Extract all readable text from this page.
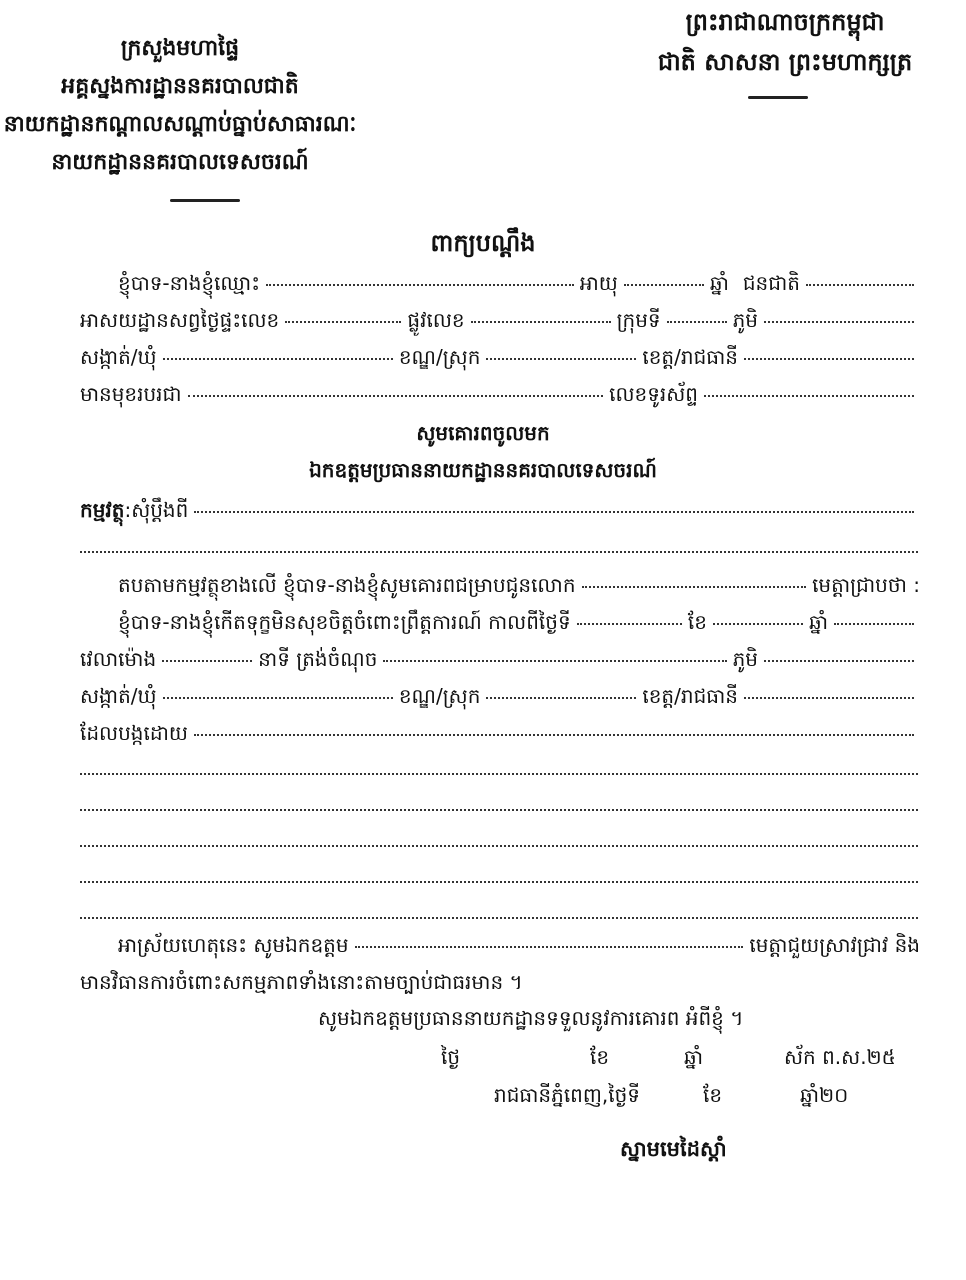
ក្រសួងមហាផ្ទៃ
អគ្គស្នងការដ្ឋាននគរបាលជាតិ
នាយកដ្ឋានកណ្តាលសណ្តាប់ធ្នាប់សាធារណៈ
នាយកដ្ឋាននគរបាលទេសចរណ៍
ព្រះរាជាណាចក្រកម្ពុជា
ជាតិ សាសនា ព្រះមហាក្សត្រ
ពាក្យបណ្តឹង
ខ្ញុំបាទ-នាងខ្ញុំឈ្មោះ	អាយុ	ឆ្នាំ ជនជាតិ
អាសយដ្ឋានសព្វថ្ងៃផ្ទះលេខ	ផ្លូវលេខ	ក្រុមទី	ភូមិ
សង្កាត់/ឃុំ	ខណ្ឌ/ស្រុក	ខេត្ត/រាជធានី
មានមុខរបរជា	លេខទូរស័ព្ទ
សូមគោរពចូលមក
ឯកឧត្តមប្រធាននាយកដ្ឋាននគរបាលទេសចរណ៍
កម្មវត្ថុ : សុំប្តឹងពី
តបតាមកម្មវត្ថុខាងលើ ខ្ញុំបាទ-នាងខ្ញុំសូមគោរពជម្រាបជូនលោក	មេត្តាជ្រាបថា :
ខ្ញុំបាទ-នាងខ្ញុំកើតទុក្ខមិនសុខចិត្តចំពោះព្រឹត្តការណ៍ កាលពីថ្ងៃទី	ខែ	ឆ្នាំ
វេលាម៉ោង	នាទី ត្រង់ចំណុច	ភូមិ
សង្កាត់/ឃុំ	ខណ្ឌ/ស្រុក	ខេត្ត/រាជធានី
ដែលបង្កដោយ
អាស្រ័យហេតុនេះ សូមឯកឧត្តម	មេត្តាជួយស្រាវជ្រាវ និង
មានវិធានការចំពោះសកម្មភាពទាំងនោះតាមច្បាប់ជាធរមាន ។
សូមឯកឧត្តមប្រធាននាយកដ្ឋានទទួលនូវការគោរព អំពីខ្ញុំ ។
ថ្ងៃ	ខែ	ឆ្នាំ	ស័ក ព.ស.២៥
រាជធានីភ្នំពេញ,ថ្ងៃទី	ខែ	ឆ្នាំ២០
ស្នាមមេដៃស្តាំ
